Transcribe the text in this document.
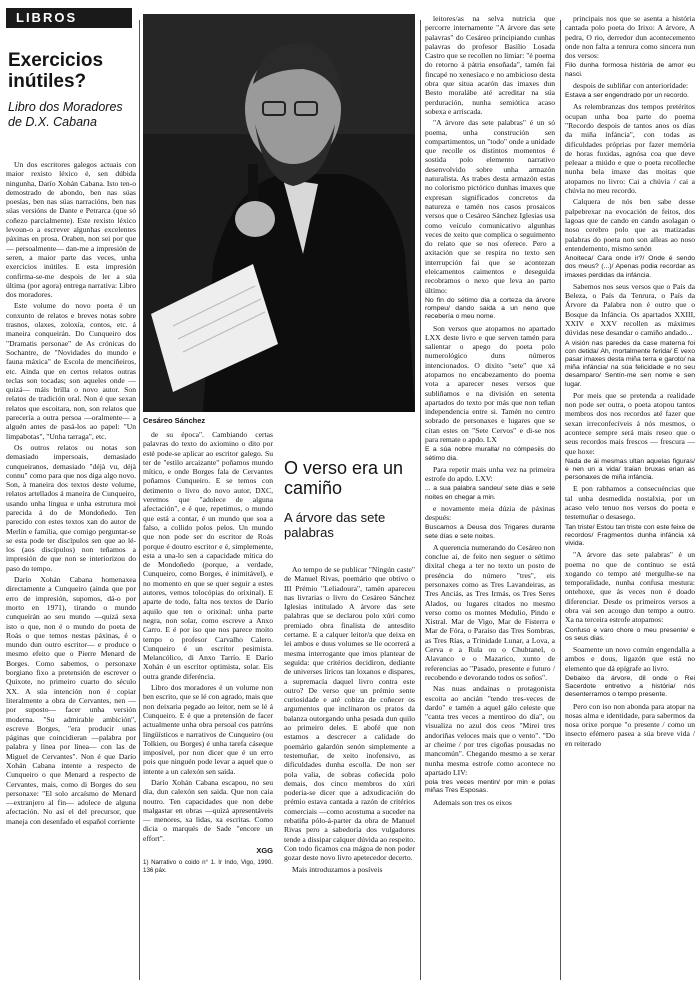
LIBROS
Exercicios inútiles?
Libro dos Moradores de D.X. Cabana

Un dos escritores galegos actuais con maior rexisto léxico é, sen dúbida ningunha, Darío Xohán Cabana. Isto ten-o demostrado de abondo, ben nas súas poesías, ben nas súas narracións, ben nas súas versións de Dante e Petrarca (que só coñezo parcialmente). Este rexisto léxico levoun-o a escrever algunhas excelentes páxinas en prosa. Oraben, non sei por que — persoalmente— dan-me a impresión de seren, a maior parte das veces, unha exercicios inútiles. E esta impresión confirma-se-me despois de ler a súa última (por agora) entrega narrativa: Libro dos moradores.

Este volume do novo poeta é un conxunto de relatos e breves notas sobre trasnos, olaxes, zoloxía, contos, etc. á maneira conqueirán. Do Cunqueiro dos "Dramatis personae" de As crónicas do Sochantre, de "Novidades do mundo e fauna máxica" de Escola de menciñeiros, etc. Ainda que en certos relatos outras teclas son tocadas; son aqueles onde —quizá— máis brilla o novo autor. Son relatos de tradición oral. Non é que sexan relatos que escoitara, non, son relatos que parecería a outra persoa —oralmente— a alguén antes de pasá-los ao papel: "Un limpabotas", "Unha tarraga", etc.

Os outros relatos ou notas son demasiado impersoais, demasiado cunqueiranos, demasiado "déjà vu, déjà connu" como para que nos diga algo novo. Son, à maneira dos textos deste volume, relatos artellados á maneira de Cunqueiro, usando unha lingua e unha estrutura moi parecida á do de Mondoñedo. Ten parecido con estes textos xan do autor de Merlín e familia, que comigo perguntar-se se esta pode ter discípulos sen que ao lé-los (aos discípulos) non teñamos a impresión de que non se interiorizou do paso do tempo.

Darío Xohán Cabana homenaxea directamente a Cunqueiro (ainda que por erro de impresión, supomos, dá-o por morto en 1971), tirando o mundo cunqueirán ao seu mundo —quizá sexa isto o que, non é o mundo do poeta de Roás o que temos nestas páxinas, é o mundo dun outro escritor— e produce o mesmo efeito que o Pierre Menard de Borges. Como sabemos, o personaxe borgiano fixo a pretensión de escrever o Quixote, no primeiro cuarto do século XX. A súa intención non é copiar literalmente a obra de Cervantes, nen —por suposto— facer unha versión moderna. "Su admirable ambición", escreve Borges, "era producir unas páginas que coincidieran —palabra por palabra y línea por línea— con las de Miguel de Cervantes". Non é que Darío Xohán Cabana intente a respecto de Cunqueiro o que Menard a respecto de Cervantes, mais, como di Borges do seu personaxe: "El solo arcaísmo de Menard —extranjero al fin— adolece de alguna afectación. No así el del precursor, que maneja con desenfado el español corriente

Cesáreo Sánchez

de su época". Cambiando certas palavras do texto do axiomino o dito por esté pode-se aplicar ao escritor galego. Su ter de "estilo arcaizante" poñamos mundo mítico, e onde Borges fala de Cervantes poñamos Cunqueiro. E se temos con detimento o livro do novo autor, DXC, veremos que "adolece de alguna afectación", e é que, repetimos, o mundo que está a contar, é un mundo que soa a falso, a collido polos pelos. Un mundo que non pode ser do escritor de Roás porque é doutro escritor e é, simplemente, esta a una-lo sen a capacidade mítica do de Mondoñedo (porque, a verdade, Cunqueiro, como Borges, é inimitável), e no momento en que se quer seguir a estes autores, vemos tolocópias do orixinal). E aparte de todo, falta nos textos de Darío aquilo que ten o orixinal: unha parte negra, non solar, como escreve a Anxo Carro. E é por iso que nos parece moito tempo o profesor Carvalho Calero. Cunqueiro é un escritor pesimista. Melancólico, di Anxo Tarrío. E Darío Xohán é un escritor optimista, solar. Eis outra grande diferéncia.

Libro dos moradores é un volume non ben escrito, que se lé con agrado, mais que non deixaria pegado ao leitor, nem se lé á Cunqueiro. E é que a pretensión de facer actualmente unha obra persoal cos patróns lingüísticos e narrativos de Cunqueiro (ou Tolkien, ou Borges) é unha tarefa cáseque imposível, por non dicer que é un erro pois que ninguén pode levar a aquel que o intente a un calexón sen saída.

Darío Xohán Cabana escapou, no seu dia, dun calexón sen saida. Que non caia noutro. Ten capacidades que non debe malgastar en obras —quizá apresentáveis— menores, xa lidas, xa escritas. Como dicia o marqués de Sade "encore un effort".

XGG
1) Narrativo o coido n° 1. Ir Indo, Vigo, 1990. 136 páx.
O verso era un camiño
A árvore das sete palabras

Ao tempo de se publicar "Ningún caste" de Manuel Rivas, poemário que obtivo o III Prémio "Leliadoura", tamén apareceu nas livrarias o livro do Cesáreo Sánchez Iglesias intitulado A árvore das sete palabras que se declarou polo xúri como premiado obra finalista de antesdito certame. E a calquer leitor/a que deixa en lei ambos e duus volumes se lle ocorrerá a mesma interrogante que imos plantear de seguida: que critérios decidiron, dediante de universes líricos tan loxanos e dispares, a supremacía daquel livro contra este outro? De verso que un prémio sente curiosidade e até cobiza de coñecer os argumentos que inclinaron os pratos da balanza outorgando unha pesada dun quilo ao primeiro deles. E abofé que non estamos a descrecer a calidade do poemário galardón senón simplemente a testemuñar, de xeito inofensivo, as dificuldades dunha escolla. De non ser pola valia, de sobras coñecida polo demais, dos cinco membros do xúri poderia-se dicer que a adxudicación do prémio estava cantada a razón de critérios comerciais —como acostuma a suceder na rebatiña pólo-á-parter da obra de Manuel Rivas pero a sabedoría dos vulgadores tende a dissipar calquer dúvida ao respeito. Con todo ficamos coa mágoa de non poder gozar deste novo livro apetecedor decerto.

Mais introduzamos a posíveis

leitores/as na selva nutricia que percorre internamente "A árvore das sete palavras" do Cesáreo principiando cunhas palavras do profesor Basilio Losada Castro que se recollen no limiar: "é poema do retorno á pátria ensoñada", tamén fai fincapé no xenesíaco e no ambicioso desta obra que situa acarón das imaxes dun Besto moralábe até acreditar na súa perduración, nunha semiótica acaso sobexa e arriscada.

"A árvore das sete palabras" é un só poema, unha construción sen compartimentos, un "todo" onde a unidade que recolle os distintos momentos é sostida polo elemento narrativo desenvolvido sobre unha armazón naturalista. As trabes desta armazón estas no colorismo pictórico dunhas imaxes que expresan significados concretos da natureza e tamén nos casos prosaicos versos que o Cesáreo Sánchez Iglesias usa como veículo comunicativo algunhas veces de xeito que complica o seguimento do relato que se nos oferece. Pero a axitación que se respira no texto sen interrupción fai que se acontezan eleicamentos caimentos e deseguida recobramos o nexo que leva ao parto último:

No fin do sétimo dia a corteza da árvore rompeu/ dando saida a un neno que recebería o meu nome.

Son versos que atopamos no apartado LXX deste livro e que serven tamén para salientar o apego do poeta polo numerológico duns números intencionados. O dixito "sete" que xá atopamos no encabezamento do poema vota a aparecer neses versos que subliñamos e na división en setenta apartados do texto por más que non teñan independencia entre si. Tamén no centro sobrado de personaxes e lugares que se citan estes on "Sete Cervos" e di-se nos para remate o apdo. LX

E a súa nobre muralla/ no cómpesiis do sétimo dia.

Para repetir mais unha vez na primeira estrofe do apdo. LXV:

... a sua palabra sandeu/ sete dias e sete noites en chegar a min.

e novamente meia dúzia de páxinas después:

Buscamos a Deusa dos Trigares durante sete días e sete noites.

A querencia numerando do Cesáreo non conclue ai, de feito nen seguer o sétimo dixital chega a ter no texto un posto de preséncia do número "tres", eis personaxes como as Tres Lavandeiras, as Tres Anciás, as Tres Irmás, os Tres Seres Alados, ou lugares citados no mesmo verso como os montes Medulio, Pindo e Xistral. Mar de Vigo, Mar de Fisterra e Mar de Fóra, o Paraiso das Tres Sombras, as Tres Rías, a Trinidade Lunar, a Lova, a Cerva e a Rula ou o Chubtanel, o Alavanco e o Mazarico, xunto de referencias ao "Pasado, presente e futuro / recobendo e devorando todos os soños".

Nas nuas andainas o protagonista escoita ao ancián "tendo tres-veces de dardo" e tamén a aquel gálo celeste que "canta tres veces a mentiroo do dia", ou visualiza no azul dos ceos "Mirei tres andoriñas veloces mais que o vento". "Do ar cheime / por tres cigoñas pousadas no mancomún". Chegando mesmo a se xerar nunha mesma estrofe como acontece no apartado LIV:

pola tres veces mentin/ por min e polas miñas Tres Esposas.

Ademais son tres os eixos

principais nos que se asenta a história cantada polo poeta do Irixo: A árvore, A pedra, O rio, derredor dun acontecemento onde non falta a tenrura como sincera nun dos versos:

Filo dunha formosa história de amor eu nasci.

despois de subliñar con anterioridade:

Estava a ser engendrado por un recordo.

As relembranzas dos tempos pretéritos ocupan unha boa parte do poema "Recordo despois de tantos anos os días da miña infáncia", con todas as dificuldades próprias por fazer memória de horas fuxidas, agnósa coa que deve peleaar a miúdo e que o poeta recolleche nunha bela imaxe das moitas que atopamos no livro: Cai a chúvia / cai a chúvia no meu recordo.

Calquera de nós ben sabe desse palpebrexar na evocación de feitos, dos lagoas que de cando en cando asolagan o noso cerebro polo que as matizadas palabras do poeta non son alleas ao noso entendemento, mismo senón

Anoiteca/ Cara onde ir?/ Onde é sendo dos meus? (...)/ Apenas podia recordar as imaxes perdidas da infáncia.

Sabemos nos seus versos que o País da Beleza, o País da Tenrura, o País da Árvore da Palabra non é outro que o Bosque da Infáncia. Os apartados XXIII, XXIV e XXV recollen as máximes dúvidas nese desandar o camiño andado...

A visión nas paredes da case materna foi con detida/ Ah, mortalmente ferida/ E vexo pasar imaxes desta miña terra e garoto/ na miña infáncia/ na súa felicidade e no seu desamparo/ Sentín-me sen nome e sen lugar.

Por meis que se pretenda a realidade non pode ser outra, o poeta atopou tantos membros dos nos recordos até fazer que sexan irreconfecíveis á nós mesmos, o acontece sempre será mais reseo que o seus recordos mais frescos — frescura — que hoxe:

Nada de ái mesmas ultan aquelas figuras/ e nen un a vida/ traian bruxas erian as personaxes de miña infáncia.

E pon rabhamos a consecuéncias que tal unha desmedida nostalxia, por un acaso velo tenuo nos versos do poeta e testemuñar o desasego.

Tan triste/ Estou tan triste con este feixe de recordos/ Fragmentos dunha infáncia xá vivida.

"A árvore das sete palabras" é un poema no que de contínuo se está xogando co tempo até mergulhe-se na temporalidade, nunha confusa mestura: ontehoxe, que ás veces non é doado diferenciar. Desde os primeiros versos a obra vai sen acougo dun tempo a outro. Xa na terceira estrofe atopamos:

Confuso e varo chore o meu presente/ e os seus dias.

Soamente un novo común engendalla a ambos e dous, ligazón que está no elemento que dá epígrafe ao livro.

Debaixo da árvore, dil onde o Rei Sacerdote entretivo a história/ nós desenterramos o tempo presente.

Pero con iso non abonda para atopar na nosas alma e identidade, para sabermos da nosa orixe porque "o presente / como un insecto efémero pasea a súa breve vida / en reiterado
